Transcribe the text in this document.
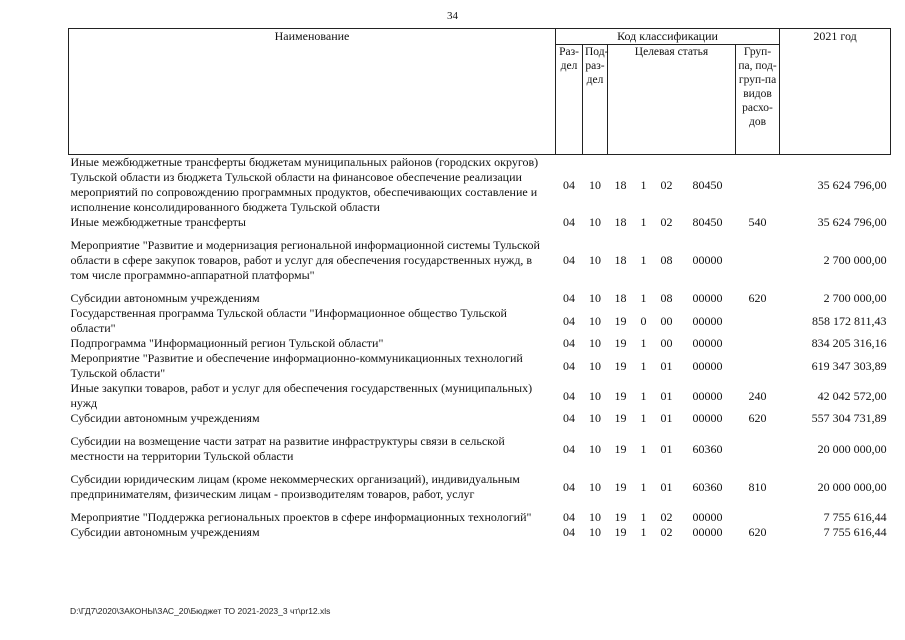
34
Наименование	Код классификации							2021 год
	Раз-дел	Под-раз-дел	Целевая статья				Груп-па, под-груп-па видов расхо-дов	
Иные межбюджетные трансферты бюджетам муниципальных районов (городских округов) Тульской области из бюджета Тульской области на финансовое обеспечение реализации мероприятий по сопровождению программных продуктов, обеспечивающих составление и исполнение консолидированного бюджета Тульской области	04	10	18	1	02	80450		35 624 796,00
Иные межбюджетные трансферты	04	10	18	1	02	80450	540	35 624 796,00

Мероприятие "Развитие и модернизация региональной информационной системы Тульской области в сфере закупок товаров, работ и услуг для обеспечения государственных нужд, в том числе программно-аппаратной платформы"	04	10	18	1	08	00000		2 700 000,00

Субсидии автономным учреждениям	04	10	18	1	08	00000	620	2 700 000,00
Государственная программа Тульской области "Информационное общество Тульской области"	04	10	19	0	00	00000		858 172 811,43
Подпрограмма "Информационный регион Тульской области"	04	10	19	1	00	00000		834 205 316,16
Мероприятие "Развитие и обеспечение информационно-коммуникационных технологий Тульской области"	04	10	19	1	01	00000		619 347 303,89
Иные закупки товаров, работ и услуг для обеспечения государственных (муниципальных) нужд	04	10	19	1	01	00000	240	42 042 572,00
Субсидии автономным учреждениям	04	10	19	1	01	00000	620	557 304 731,89

Субсидии на возмещение части затрат на развитие инфраструктуры связи в сельской местности на территории Тульской области	04	10	19	1	01	60360		20 000 000,00

Субсидии юридическим лицам (кроме некоммерческих организаций), индивидуальным предпринимателям, физическим лицам - производителям товаров, работ, услуг	04	10	19	1	01	60360	810	20 000 000,00

Мероприятие "Поддержка региональных проектов в сфере информационных технологий"	04	10	19	1	02	00000		7 755 616,44
Субсидии автономным учреждениям	04	10	19	1	02	00000	620	7 755 616,44
D:\ГД7\2020\ЗАКОНЫ\ЗАС_20\Бюджет ТО 2021-2023_3 чт\pr12.xls
